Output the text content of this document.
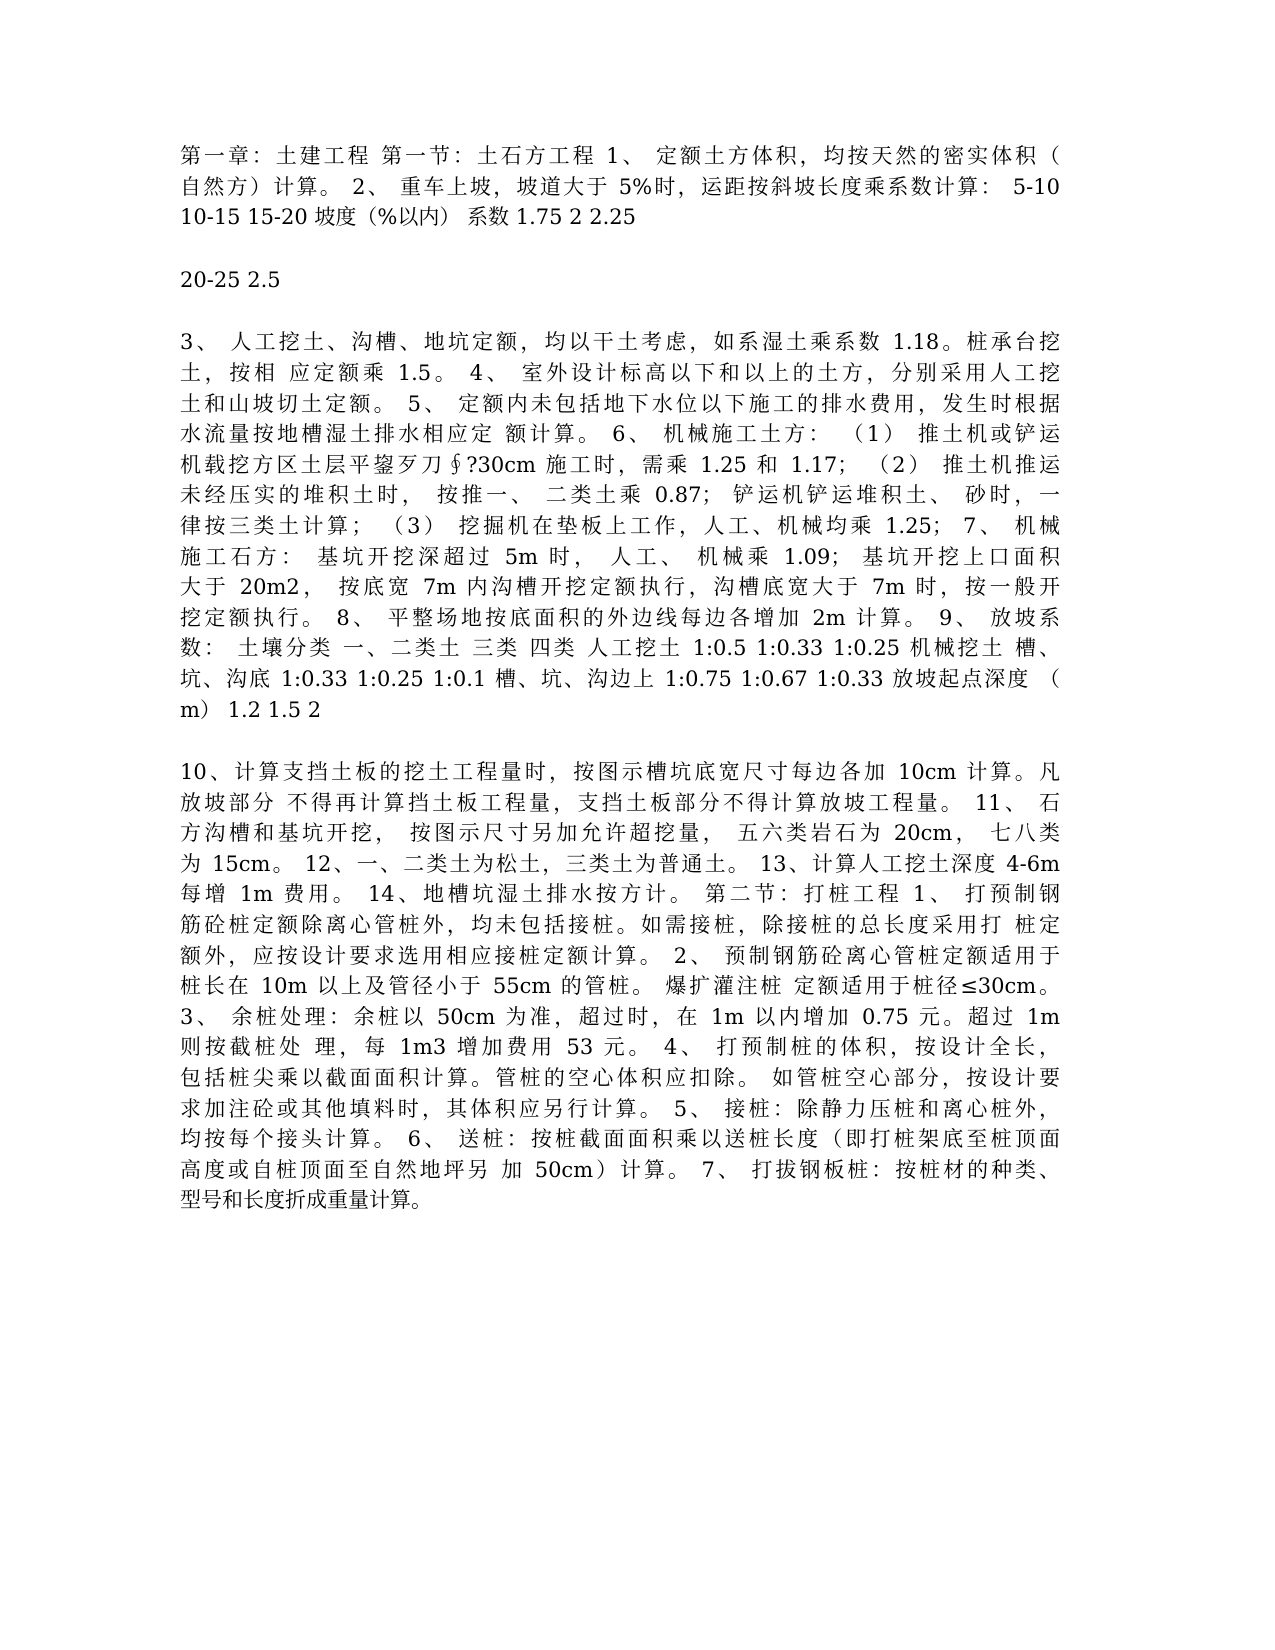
第一章：土建工程 第一节：土石方工程 1、 定额土方体积，均按天然的密实体积（
自然方）计算。 2、 重车上坡，坡道大于 5%时，运距按斜坡长度乘系数计算： 5-10
10-15 15-20 坡度（%以内） 系数 1.75 2 2.25
20-25 2.5
3、 人工挖土、沟槽、地坑定额，均以干土考虑，如系湿土乘系数 1.18。桩承台挖
土，按相 应定额乘 1.5。 4、 室外设计标高以下和以上的土方，分别采用人工挖
土和山坡切土定额。 5、 定额内未包括地下水位以下施工的排水费用，发生时根据
水流量按地槽湿土排水相应定 额计算。 6、 机械施工土方： （1） 推土机或铲运
机载挖方区土层平鋆歹刀∮?30cm 施工时，需乘 1.25 和 1.17； （2） 推土机推运
未经压实的堆积土时， 按推一、 二类土乘 0.87； 铲运机铲运堆积土、 砂时，一
律按三类土计算； （3） 挖掘机在垫板上工作，人工、机械均乘 1.25； 7、 机械
施工石方： 基坑开挖深超过 5m 时， 人工、 机械乘 1.09； 基坑开挖上口面积
大于 20m2， 按底宽 7m 内沟槽开挖定额执行，沟槽底宽大于 7m 时，按一般开
挖定额执行。 8、 平整场地按底面积的外边线每边各增加 2m 计算。 9、 放坡系
数： 土壤分类 一、二类土 三类 四类 人工挖土 1:0.5 1:0.33 1:0.25 机械挖土 槽、
坑、沟底 1:0.33 1:0.25 1:0.1 槽、坑、沟边上 1:0.75 1:0.67 1:0.33 放坡起点深度 （
m） 1.2 1.5 2
10、计算支挡土板的挖土工程量时，按图示槽坑底宽尺寸每边各加 10cm 计算。凡
放坡部分 不得再计算挡土板工程量，支挡土板部分不得计算放坡工程量。 11、 石
方沟槽和基坑开挖， 按图示尺寸另加允许超挖量， 五六类岩石为 20cm， 七八类
为 15cm。 12、一、二类土为松土，三类土为普通土。 13、计算人工挖土深度 4-6m
每增 1m 费用。 14、地槽坑湿土排水按方计。 第二节：打桩工程 1、 打预制钢
筋砼桩定额除离心管桩外，均未包括接桩。如需接桩，除接桩的总长度采用打 桩定
额外，应按设计要求选用相应接桩定额计算。 2、 预制钢筋砼离心管桩定额适用于
桩长在 10m 以上及管径小于 55cm 的管桩。 爆扩灌注桩 定额适用于桩径≤30cm。
3、 余桩处理：余桩以 50cm 为准，超过时，在 1m 以内增加 0.75 元。超过 1m
则按截桩处 理，每 1m3 增加费用 53 元。 4、 打预制桩的体积，按设计全长，
包括桩尖乘以截面面积计算。管桩的空心体积应扣除。 如管桩空心部分，按设计要
求加注砼或其他填料时，其体积应另行计算。 5、 接桩：除静力压桩和离心桩外，
均按每个接头计算。 6、 送桩：按桩截面面积乘以送桩长度（即打桩架底至桩顶面
高度或自桩顶面至自然地坪另 加 50cm）计算。 7、 打拔钢板桩：按桩材的种类、
型号和长度折成重量计算。
